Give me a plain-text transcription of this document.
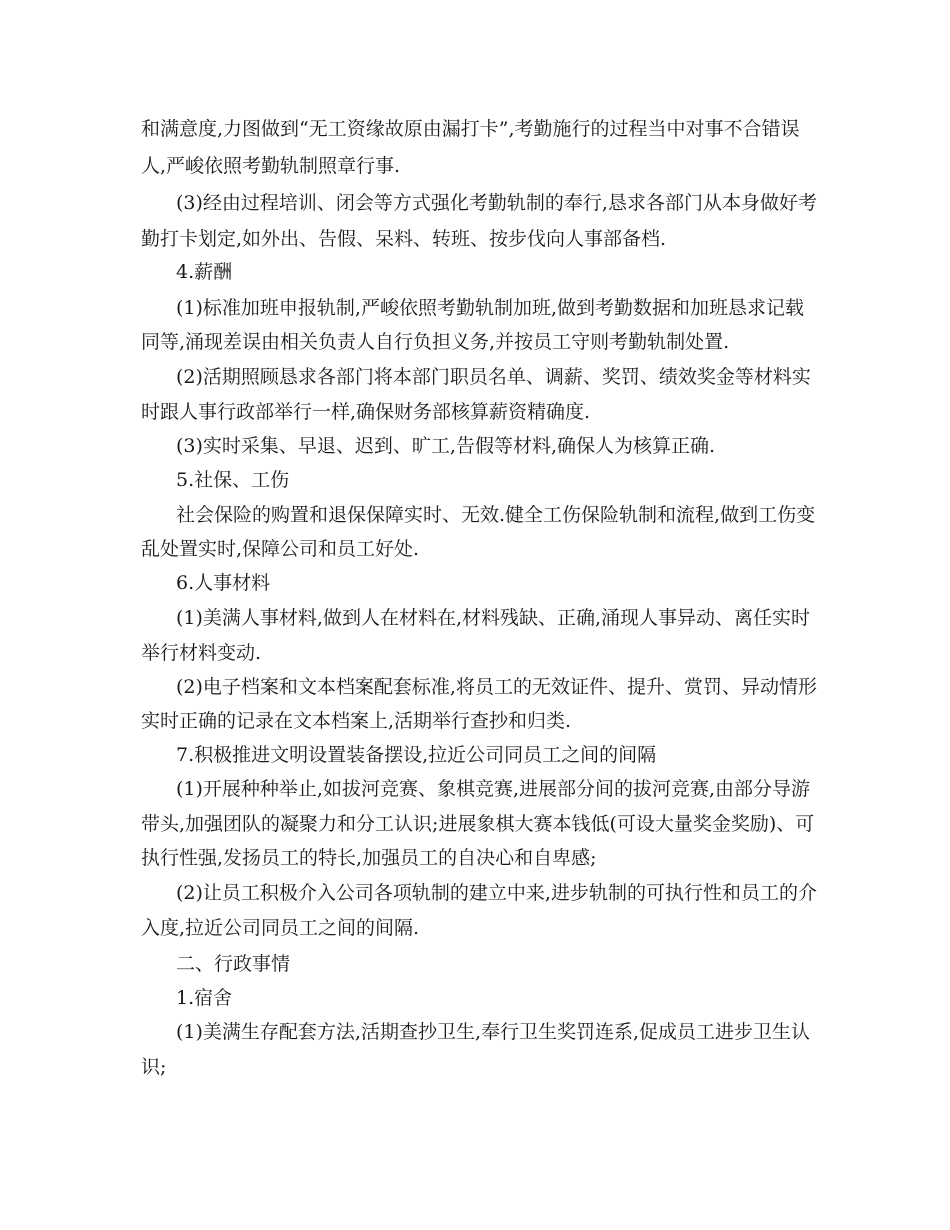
和满意度,力图做到“无工资缘故原由漏打卡”,考勤施行的过程当中对事不合错误
人,严峻依照考勤轨制照章行事.
(3)经由过程培训、闭会等方式强化考勤轨制的奉行,恳求各部门从本身做好考
勤打卡划定,如外出、告假、呆料、转班、按步伐向人事部备档.
4.薪酬
(1)标准加班申报轨制,严峻依照考勤轨制加班,做到考勤数据和加班恳求记载
同等,涌现差误由相关负责人自行负担义务,并按员工守则考勤轨制处置.
(2)活期照顾恳求各部门将本部门职员名单、调薪、奖罚、绩效奖金等材料实
时跟人事行政部举行一样,确保财务部核算薪资精确度.
(3)实时采集、早退、迟到、旷工,告假等材料,确保人为核算正确.
5.社保、工伤
社会保险的购置和退保保障实时、无效.健全工伤保险轨制和流程,做到工伤变
乱处置实时,保障公司和员工好处.
6.人事材料
(1)美满人事材料,做到人在材料在,材料残缺、正确,涌现人事异动、离任实时
举行材料变动.
(2)电子档案和文本档案配套标准,将员工的无效证件、提升、赏罚、异动情形
实时正确的记录在文本档案上,活期举行查抄和归类.
7.积极推进文明设置装备摆设,拉近公司同员工之间的间隔
(1)开展种种举止,如拔河竞赛、象棋竞赛,进展部分间的拔河竞赛,由部分导游
带头,加强团队的凝聚力和分工认识;进展象棋大赛本钱低(可设大量奖金奖励)、可
执行性强,发扬员工的特长,加强员工的自决心和自卑感;
(2)让员工积极介入公司各项轨制的建立中来,进步轨制的可执行性和员工的介
入度,拉近公司同员工之间的间隔.
二、行政事情
1.宿舍
(1)美满生存配套方法,活期查抄卫生,奉行卫生奖罚连系,促成员工进步卫生认
识;
